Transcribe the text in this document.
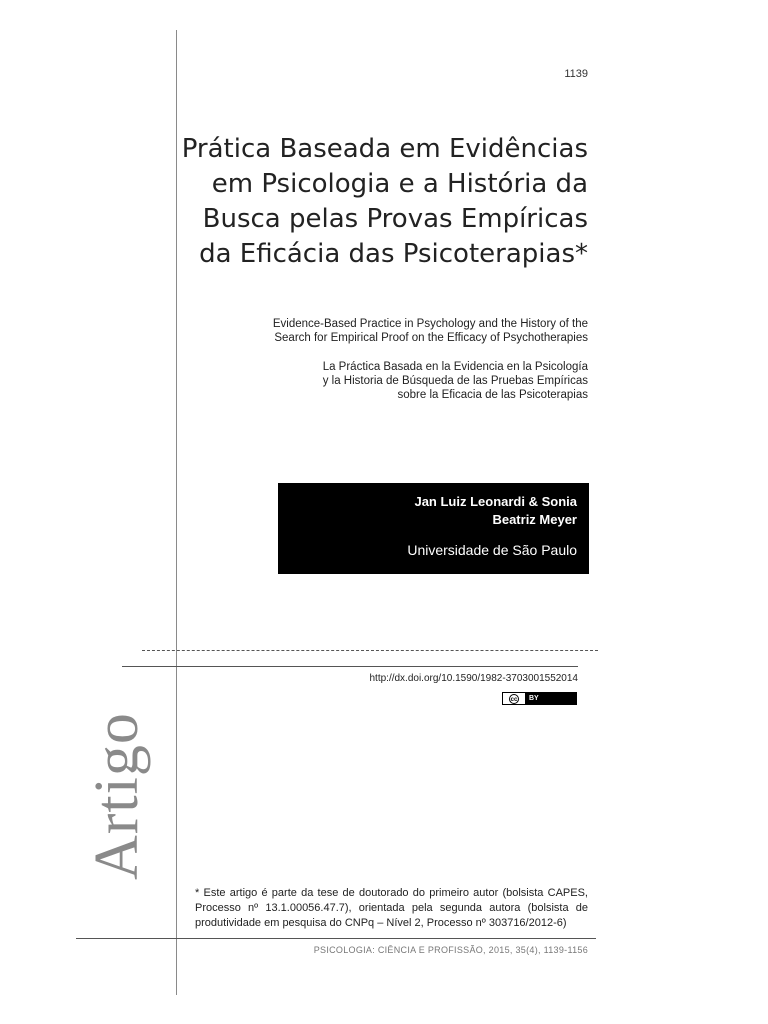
1139
Prática Baseada em Evidências
em Psicologia e a História da
Busca pelas Provas Empíricas
da Eficácia das Psicoterapias*
Evidence-Based Practice in Psychology and the History of the
Search for Empirical Proof on the Efficacy of Psychotherapies
La Práctica Basada en la Evidencia en la Psicología
y la Historia de Búsqueda de las Pruebas Empíricas
sobre la Eficacia de las Psicoterapias
Jan Luiz Leonardi & Sonia
Beatriz Meyer
Universidade de São Paulo
http://dx.doi.org/10.1590/1982-3703001552014
cc	BY
Artigo

* Este artigo é parte da tese de doutorado do primeiro autor (bolsista CAPES, Processo nº 13.1.00056.47.7), orientada pela segunda autora (bolsista de produtividade em pesquisa do CNPq – Nível 2, Processo nº 303716/2012-6)

PSICOLOGIA: CIÊNCIA E PROFISSÃO, 2015, 35(4), 1139-1156
